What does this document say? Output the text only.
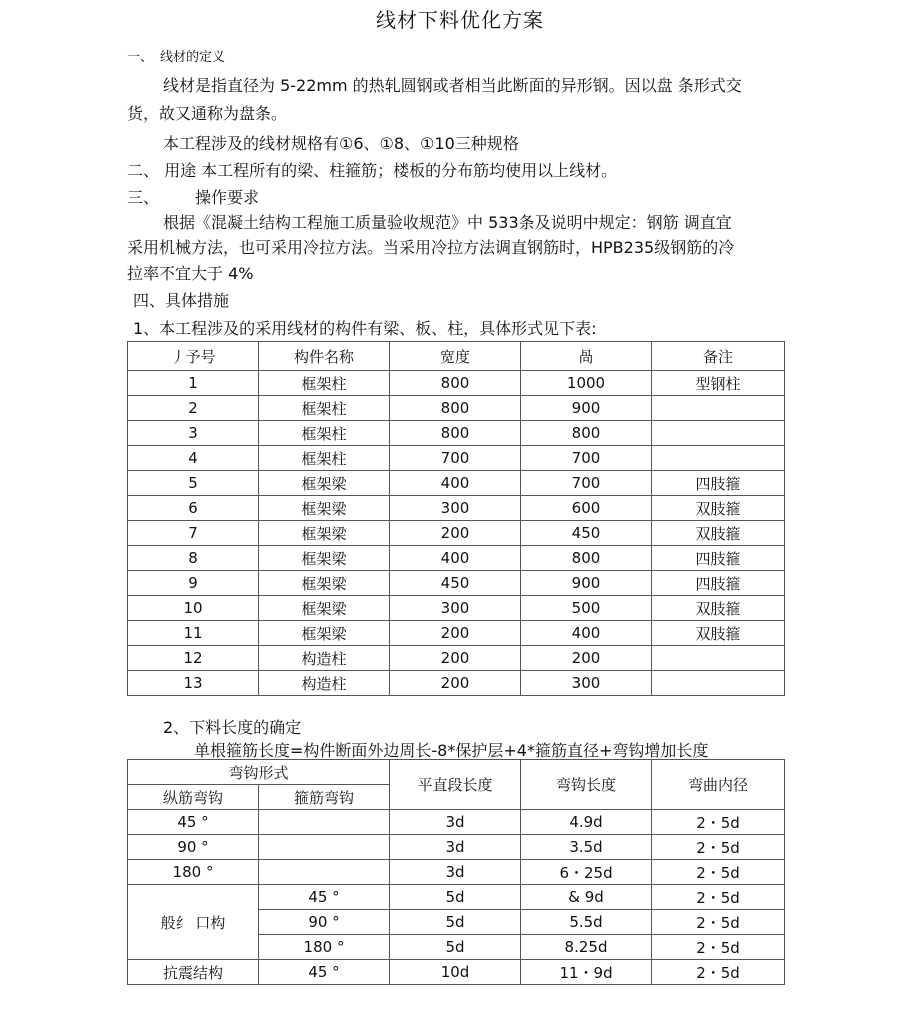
线材下料优化方案
一、 线材的定义
线材是指直径为 5-22mm 的热轧圆钢或者相当此断面的异形钢。因以盘 条形式交
货，故又通称为盘条。
本工程涉及的线材规格有①6、①8、①10三种规格
二、 用途 本工程所有的梁、柱箍筋；楼板的分布筋均使用以上线材。
三、 操作要求
根据《混凝土结构工程施工质量验收规范》中 533条及说明中规定：钢筋 调直宜
采用机械方法，也可采用冷拉方法。当采用冷拉方法调直钢筋时，HPB235级钢筋的冷
拉率不宜大于 4%
四、具体措施
1、本工程涉及的采用线材的构件有梁、板、柱，具体形式见下表:
丿予号	构件名称	宽度	咼	备注
1	框架柱	800	1000	型钢柱
2	框架柱	800	900	
3	框架柱	800	800	
4	框架柱	700	700	
5	框架梁	400	700	四肢箍
6	框架梁	300	600	双肢箍
7	框架梁	200	450	双肢箍
8	框架梁	400	800	四肢箍
9	框架梁	450	900	四肢箍
10	框架梁	300	500	双肢箍
11	框架梁	200	400	双肢箍
12	构造柱	200	200	
13	构造柱	200	300	
2、下料长度的确定
单根箍筋长度=构件断面外边周长-8*保护层+4*箍筋直径+弯钩增加长度
弯钩形式		平直段长度	弯钩长度	弯曲内径
纵筋弯钩	箍筋弯钩			
45 °		3d	4.9d	2・5d
90 °		3d	3.5d	2・5d
180 °		3d	6・25d	2・5d
般纟 口构	45 °	5d	& 9d	2・5d
	90 °	5d	5.5d	2・5d
	180 °	5d	8.25d	2・5d
抗震结构	45 °	10d	11・9d	2・5d
